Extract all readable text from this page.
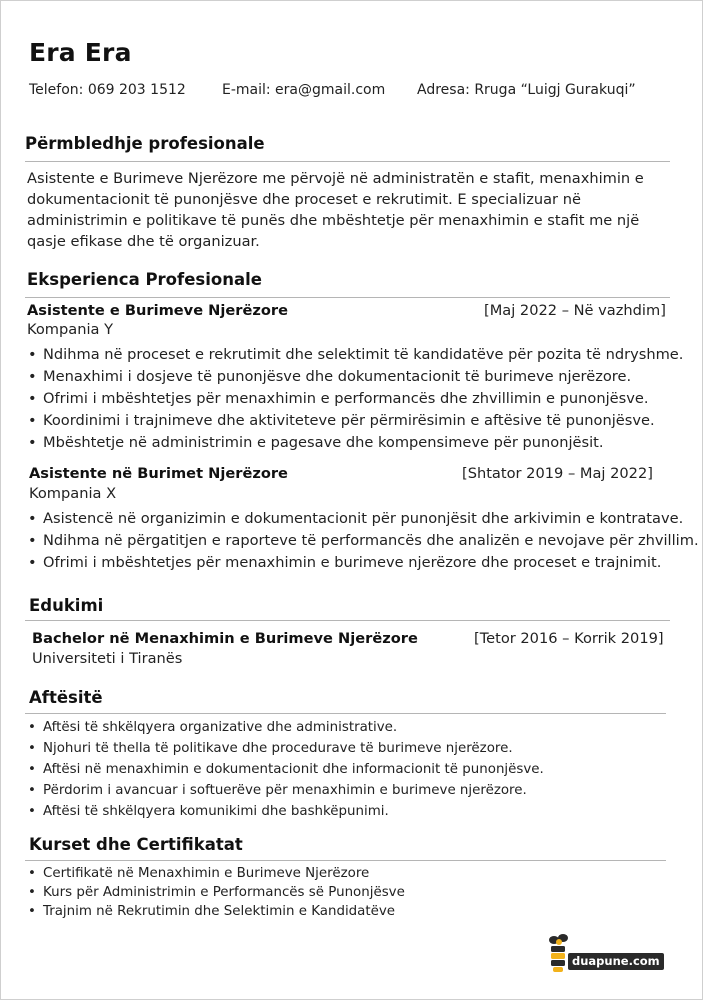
Era Era
Telefon: 069 203 1512	E-mail: era@gmail.com Adresa: Rruga “Luigj Gurakuqi”
Përmbledhje profesionale

Asistente e Burimeve Njerëzore me përvojë në administratën e stafit, menaxhimin e dokumentacionit të punonjësve dhe proceset e rekrutimit. E specializuar në administrimin e politikave të punës dhe mbështetje për menaxhimin e stafit me një qasje efikase dhe të organizuar.

Eksperienca Profesionale
Asistente e Burimeve Njerëzore	[Maj 2022 – Në vazhdim]
Kompania Y
• Ndihma në proceset e rekrutimit dhe selektimit të kandidatëve për pozita të ndryshme.
• Menaxhimi i dosjeve të punonjësve dhe dokumentacionit të burimeve njerëzore.
• Ofrimi i mbështetjes për menaxhimin e performancës dhe zhvillimin e punonjësve.
• Koordinimi i trajnimeve dhe aktiviteteve për përmirësimin e aftësive të punonjësve.
• Mbështetje në administrimin e pagesave dhe kompensimeve për punonjësit.
Asistente në Burimet Njerëzore	[Shtator 2019 – Maj 2022]
Kompania X
• Asistencë në organizimin e dokumentacionit për punonjësit dhe arkivimin e kontratave.
• Ndihma në përgatitjen e raporteve të performancës dhe analizën e nevojave për zhvillim.
• Ofrimi i mbështetjes për menaxhimin e burimeve njerëzore dhe proceset e trajnimit.
Edukimi
Bachelor në Menaxhimin e Burimeve Njerëzore	[Tetor 2016 – Korrik 2019]
Universiteti i Tiranës
Aftësitë
• Aftësi të shkëlqyera organizative dhe administrative.
• Njohuri të thella të politikave dhe procedurave të burimeve njerëzore.
• Aftësi në menaxhimin e dokumentacionit dhe informacionit të punonjësve.
• Përdorim i avancuar i softuerëve për menaxhimin e burimeve njerëzore.
• Aftësi të shkëlqyera komunikimi dhe bashkëpunimi.
Kurset dhe Certifikatat
• Certifikatë në Menaxhimin e Burimeve Njerëzore
• Kurs për Administrimin e Performancës së Punonjësve
• Trajnim në Rekrutimin dhe Selektimin e Kandidatëve
duapune.com
